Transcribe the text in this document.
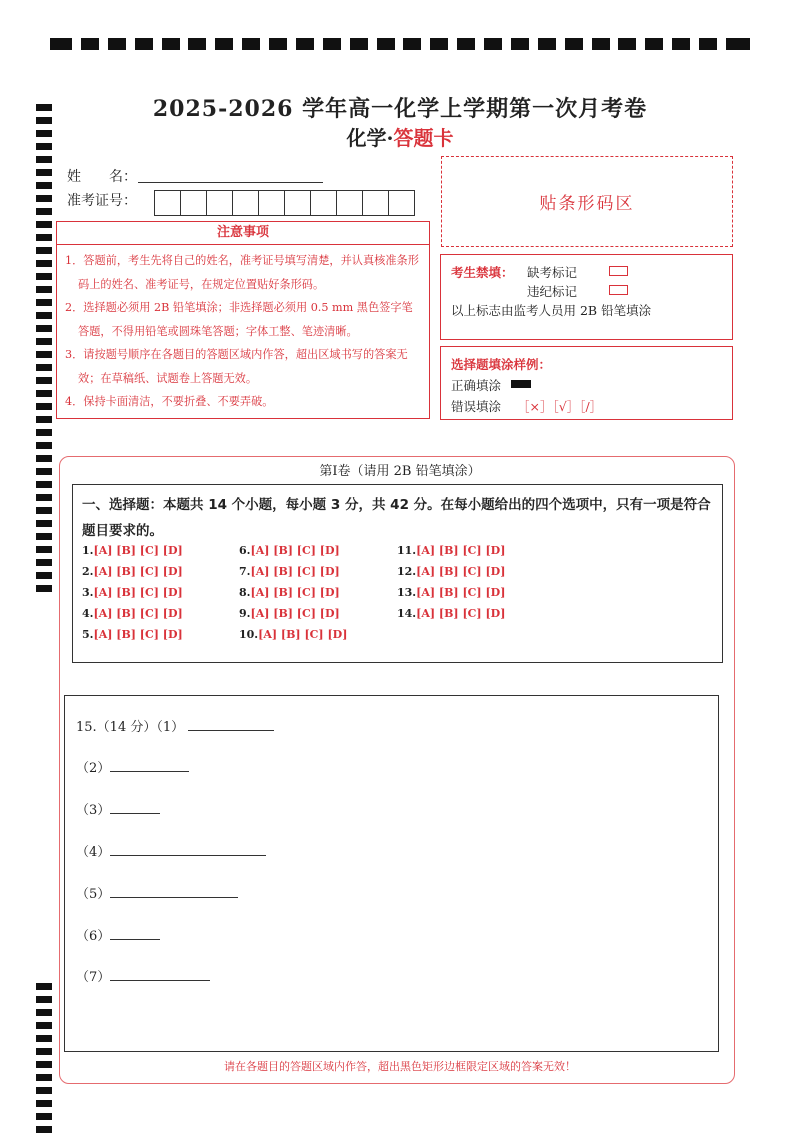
2025-2026 学年高一化学上学期第一次月考卷
化学·答题卡
姓　　名：
准考证号：	贴条形码区
注意事项

1．答题前，考生先将自己的姓名，准考证号填写清楚，并认真核准条形码上的姓名、准考证号，在规定位置贴好条形码。

2．选择题必须用 2B 铅笔填涂；非选择题必须用 0.5 mm 黑色签字笔答题，不得用铅笔或圆珠笔答题；字体工整、笔迹清晰。

3．请按题号顺序在各题目的答题区域内作答，超出区域书写的答案无效；在草稿纸、试题卷上答题无效。

4．保持卡面清洁，不要折叠、不要弄破。

考生禁填： 缺考标记
违纪标记
以上标志由监考人员用 2B 铅笔填涂
选择题填涂样例：
正确填涂
错误填涂 ［×］［√］［/］
第Ⅰ卷（请用 2B 铅笔填涂）
一、选择题：本题共 14 个小题，每小题 3 分，共 42 分。在每小题给出的四个选项中，只有一项是符合题目要求的。
1.[A] [B] [C] [D]
2.[A] [B] [C] [D]
3.[A] [B] [C] [D]
4.[A] [B] [C] [D]
5.[A] [B] [C] [D]
6.[A] [B] [C] [D]
7.[A] [B] [C] [D]
8.[A] [B] [C] [D]
9.[A] [B] [C] [D]
10.[A] [B] [C] [D]
11.[A] [B] [C] [D]
12.[A] [B] [C] [D]
13.[A] [B] [C] [D]
14.[A] [B] [C] [D]
15.（14 分）（1）
（2）
（3）
（4）
（5）
（6）
（7）
请在各题目的答题区域内作答，超出黑色矩形边框限定区域的答案无效！
